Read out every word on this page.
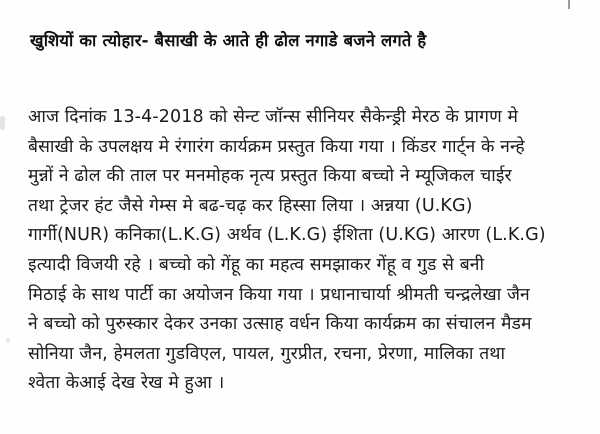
खुशियों का त्योहार- बैसाखी के आते ही ढोल नगाडे बजने लगते है
आज दिनांक 13-4-2018 को सेन्ट जॉन्स सीनियर सैकेन्ड्री मेरठ के प्रागण मे
बैसाखी के उपलक्षय मे रंगारंग कार्यक्रम प्रस्तुत किया गया । किंडर गार्ट्न के नन्हे
मुन्नों ने ढोल की ताल पर मनमोहक नृत्य प्रस्तुत किया बच्चो ने म्यूजिकल चाईर
तथा ट्रेजर हंट जैसे गेम्स मे बढ-चढ़ कर हिस्सा लिया । अन्नया (U.KG)
गार्गी(NUR) कनिका(L.K.G) अर्थव (L.K.G) ईशिता (U.KG) आरण (L.K.G)
इत्यादी विजयी रहे । बच्चो को गेंहू का महत्व समझाकर गेंहू व गुड से बनी
मिठाई के साथ पार्टी का अयोजन किया गया । प्रधानाचार्या श्रीमती चन्द्रलेखा जैन
ने बच्चो को पुरुस्कार देकर उनका उत्साह वर्धन किया कार्यक्रम का संचालन मैडम
सोनिया जैन, हेमलता गुडविएल, पायल, गुरप्रीत, रचना, प्रेरणा, मालिका तथा
श्वेता केआई देख रेख मे हुआ ।
